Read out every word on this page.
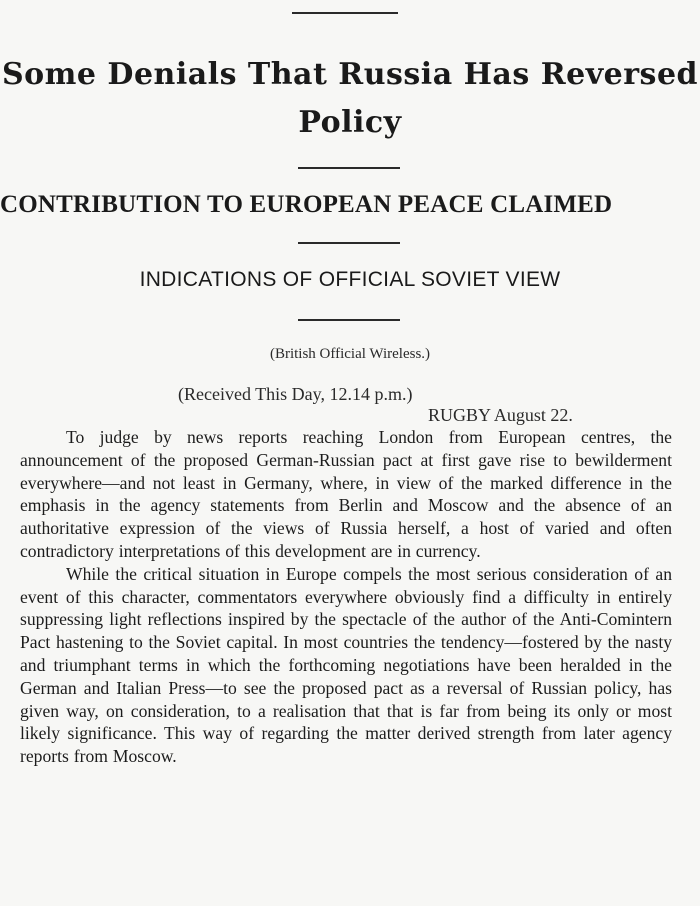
Some Denials That Russia Has Reversed
Policy
CONTRIBUTION TO EUROPEAN PEACE CLAIMED
INDICATIONS OF OFFICIAL SOVIET VIEW
(British Official Wireless.)
(Received This Day, 12.14 p.m.)
RUGBY August 22.

To judge by news reports reaching London from European centres, the announcement of the proposed German-Russian pact at first gave rise to bewilderment everywhere—and not least in Germany, where, in view of the marked difference in the emphasis in the agency statements from Berlin and Moscow and the absence of an authoritative expression of the views of Russia herself, a host of varied and often contradictory interpretations of this development are in currency.

While the critical situation in Europe compels the most serious consideration of an event of this character, commentators everywhere obviously find a difficulty in entirely suppressing light reflections inspired by the spectacle of the author of the Anti-Comintern Pact hastening to the Soviet capital. In most countries the tendency—fostered by the nasty and triumphant terms in which the forthcoming negotiations have been heralded in the German and Italian Press—to see the proposed pact as a reversal of Russian policy, has given way, on consideration, to a realisation that that is far from being its only or most likely significance. This way of regarding the matter derived strength from later agency reports from Moscow.
